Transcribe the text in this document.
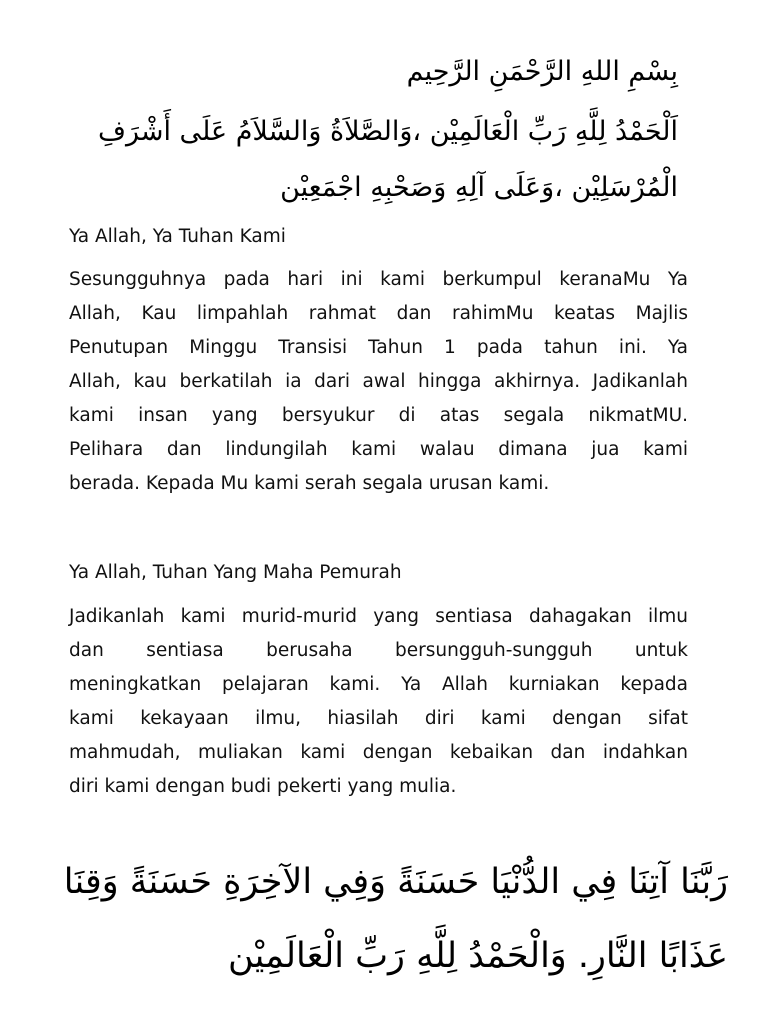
بِسْمِ اللهِ الرَّحْمَنِ الرَّحِيم
اَلْحَمْدُ لِلَّهِ رَبِّ الْعَالَمِيْن ،وَالصَّلاَةُ وَالسَّلاَمُ عَلَى أَشْرَفِ
الْمُرْسَلِيْن ،وَعَلَى آلِهِ وَصَحْبِهِ اجْمَعِيْن
Ya Allah, Ya Tuhan Kami
Sesungguhnya pada hari ini kami berkumpul keranaMu Ya
Allah, Kau limpahlah rahmat dan rahimMu keatas Majlis
Penutupan Minggu Transisi Tahun 1 pada tahun ini. Ya
Allah, kau berkatilah ia dari awal hingga akhirnya. Jadikanlah
kami insan yang bersyukur di atas segala nikmatMU.
Pelihara dan lindungilah kami walau dimana jua kami
berada. Kepada Mu kami serah segala urusan kami.
Ya Allah, Tuhan Yang Maha Pemurah
Jadikanlah kami murid-murid yang sentiasa dahagakan ilmu
dan sentiasa berusaha bersungguh-sungguh untuk
meningkatkan pelajaran kami. Ya Allah kurniakan kepada
kami kekayaan ilmu, hiasilah diri kami dengan sifat
mahmudah, muliakan kami dengan kebaikan dan indahkan
diri kami dengan budi pekerti yang mulia.
رَبَّنَا آتِنَا فِي الدُّنْيَا حَسَنَةً وَفِي الآخِرَةِ حَسَنَةً وَقِنَا
عَذَابًا النَّارِ. وَالْحَمْدُ لِلَّهِ رَبِّ الْعَالَمِيْن
